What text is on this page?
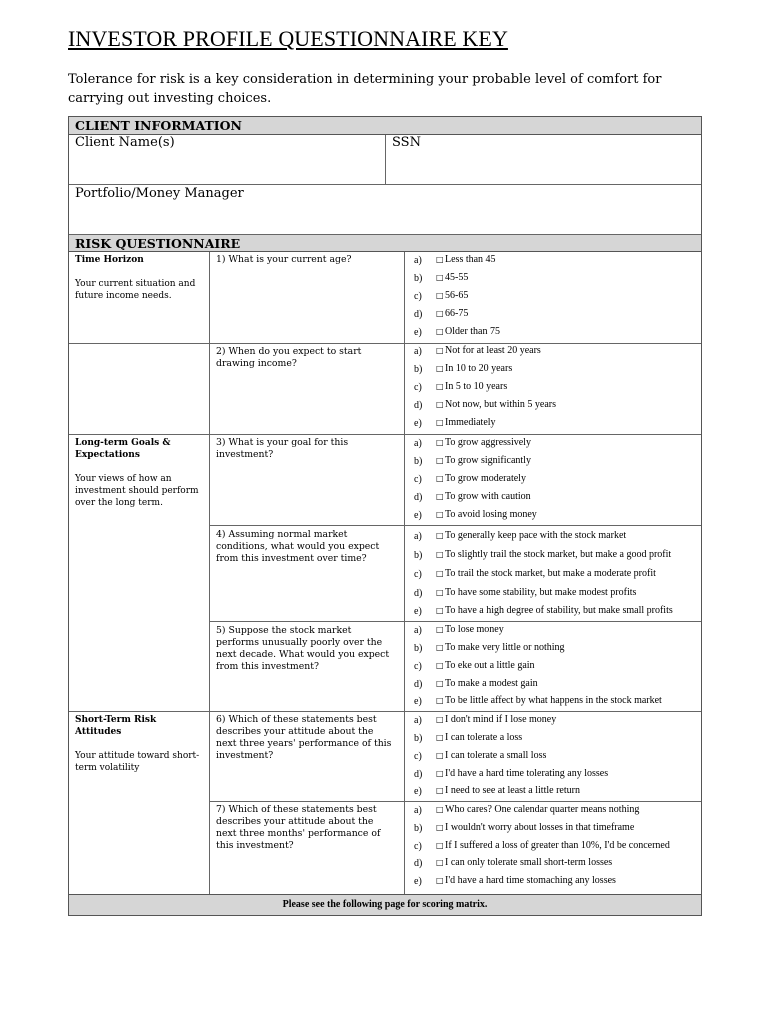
INVESTOR PROFILE QUESTIONNAIRE KEY
Tolerance for risk is a key consideration in determining your probable level of comfort for carrying out investing choices.
CLIENT INFORMATION
Client Name(s)	SSN
Portfolio/Money Manager
RISK QUESTIONNAIRE
Time Horizon
Your current situation and future income needs.
Long-term Goals & Expectations
Your views of how an investment should perform over the long term.
Short-Term Risk Attitudes
Your attitude toward short-term volatility
1) What is your current age?
2) When do you expect to start drawing income?
3) What is your goal for this investment?
4) Assuming normal market conditions, what would you expect from this investment over time?
5) Suppose the stock market performs unusually poorly over the next decade. What would you expect from this investment?
6) Which of these statements best describes your attitude about the next three years' performance of this investment?
7) Which of these statements best describes your attitude about the next three months' performance of this investment?
a) □ Less than 45
b) □ 45-55
c) □ 56-65
d) □ 66-75
e) □ Older than 75
a) □ Not for at least 20 years
b) □ In 10 to 20 years
c) □ In 5 to 10 years
d) □ Not now, but within 5 years
e) □ Immediately
a) □ To grow aggressively
b) □ To grow significantly
c) □ To grow moderately
d) □ To grow with caution
e) □ To avoid losing money
a) □ To generally keep pace with the stock market
b) □ To slightly trail the stock market, but make a good profit
c) □ To trail the stock market, but make a moderate profit
d) □ To have some stability, but make modest profits
e) □ To have a high degree of stability, but make small profits
a) □ To lose money
b) □ To make very little or nothing
c) □ To eke out a little gain
d) □ To make a modest gain
e) □ To be little affect by what happens in the stock market
a) □ I don't mind if I lose money
b) □ I can tolerate a loss
c) □ I can tolerate a small loss
d) □ I'd have a hard time tolerating any losses
e) □ I need to see at least a little return
a) □ Who cares? One calendar quarter means nothing
b) □ I wouldn't worry about losses in that timeframe
c) □ If I suffered a loss of greater than 10%, I'd be concerned
d) □ I can only tolerate small short-term losses
e) □ I'd have a hard time stomaching any losses
Please see the following page for scoring matrix.
